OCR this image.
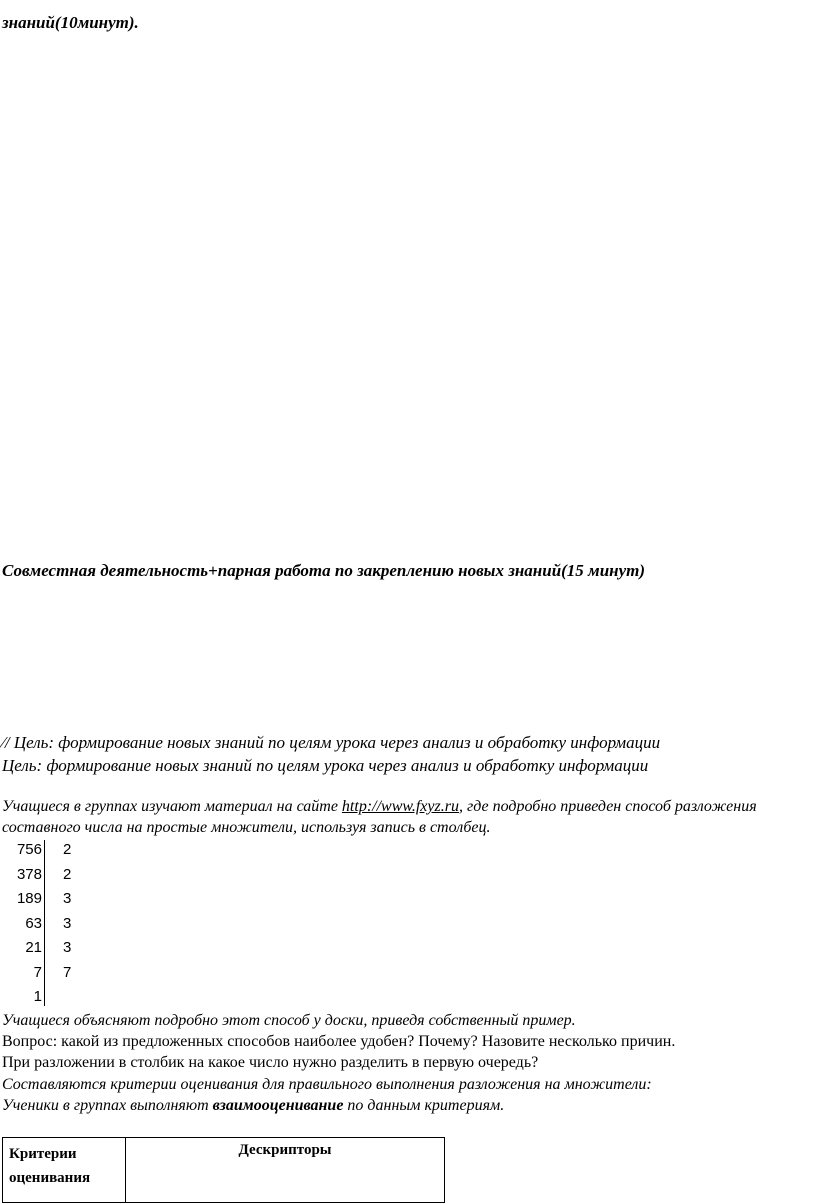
знаний(10минут).
Совместная деятельность+парная работа по закреплению новых знаний(15 минут)
⁄/ Цель: формирование новых знаний по целям урока через анализ и обработку информации
Цель: формирование новых знаний по целям урока через анализ и обработку информации
Учащиеся в группах изучают материал на сайте http://www.fxyz.ru, где подробно приведен способ разложения
составного числа на простые множители, используя запись в столбец.
756 2
378 2
189 3
63 3
21 3
7 7
1
Учащиеся объясняют подробно этот способ у доски, приведя собственный пример.
Вопрос: какой из предложенных способов наиболее удобен? Почему? Назовите несколько причин.
При разложении в столбик на какое число нужно разделить в первую очередь?
Составляются критерии оценивания для правильного выполнения разложения на множители:
Ученики в группах выполняют взаимооценивание по данным критериям.
Критерии оценивания	Дескрипторы
